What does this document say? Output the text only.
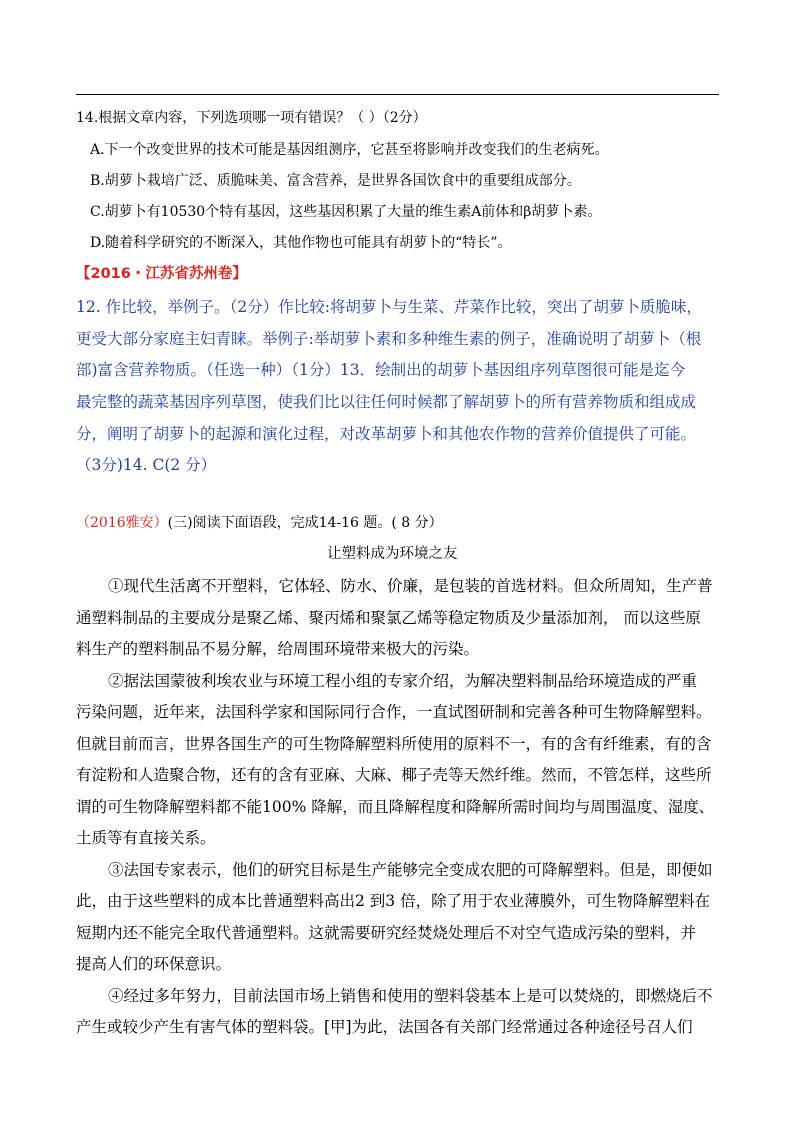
14.根据文章内容，下列选项哪一项有错误？（ ）（2分）
A.下一个改变世界的技术可能是基因组测序，它甚至将影响并改变我们的生老病死。
B.胡萝卜栽培广泛、质脆味美、富含营养，是世界各国饮食中的重要组成部分。
C.胡萝卜有10530个特有基因，这些基因积累了大量的维生素A前体和β胡萝卜素。
D.随着科学研究的不断深入，其他作物也可能具有胡萝卜的“特长”。
【2016・江苏省苏州卷】
12. 作比较，举例子。（2分）作比较:将胡萝卜与生菜、芹菜作比较，突出了胡萝卜质脆味，
更受大部分家庭主妇青睐。举例子:举胡萝卜素和多种维生素的例子，准确说明了胡萝卜（根
部)富含营养物质。（任选一种）（1分）13．绘制出的胡萝卜基因组序列草图很可能是迄今
最完整的蔬菜基因序列草图，使我们比以往任何时候都了解胡萝卜的所有营养物质和组成成
分，阐明了胡萝卜的起源和演化过程，对改革胡萝卜和其他农作物的营养价值提供了可能。
（3分)14. C(2 分）
（2016雅安）(三)阅读下面语段，完成14-16 题。( 8 分）
让塑料成为环境之友
①现代生活离不开塑料，它体轻、防水、价廉，是包装的首选材料。但众所周知，生产普
通塑料制品的主要成分是聚乙烯、聚丙烯和聚氯乙烯等稳定物质及少量添加剂， 而以这些原
料生产的塑料制品不易分解，给周围环境带来极大的污染。
②据法国蒙彼利埃农业与环境工程小组的专家介绍，为解决塑料制品给环境造成的严重
污染问题，近年来，法国科学家和国际同行合作，一直试图研制和完善各种可生物降解塑料。
但就目前而言，世界各国生产的可生物降解塑料所使用的原料不一，有的含有纤维素，有的含
有淀粉和人造聚合物，还有的含有亚麻、大麻、椰子壳等天然纤维。然而，不管怎样，这些所
谓的可生物降解塑料都不能100% 降解，而且降解程度和降解所需时间均与周围温度、湿度、
土质等有直接关系。
③法国专家表示，他们的研究目标是生产能够完全变成农肥的可降解塑料。但是，即便如
此，由于这些塑料的成本比普通塑料高出2 到3 倍，除了用于农业薄膜外，可生物降解塑料在
短期内还不能完全取代普通塑料。这就需要研究经焚烧处理后不对空气造成污染的塑料，并
提高人们的环保意识。
④经过多年努力，目前法国市场上销售和使用的塑料袋基本上是可以焚烧的，即燃烧后不
产生或较少产生有害气体的塑料袋。[甲]为此，法国各有关部门经常通过各种途径号召人们
